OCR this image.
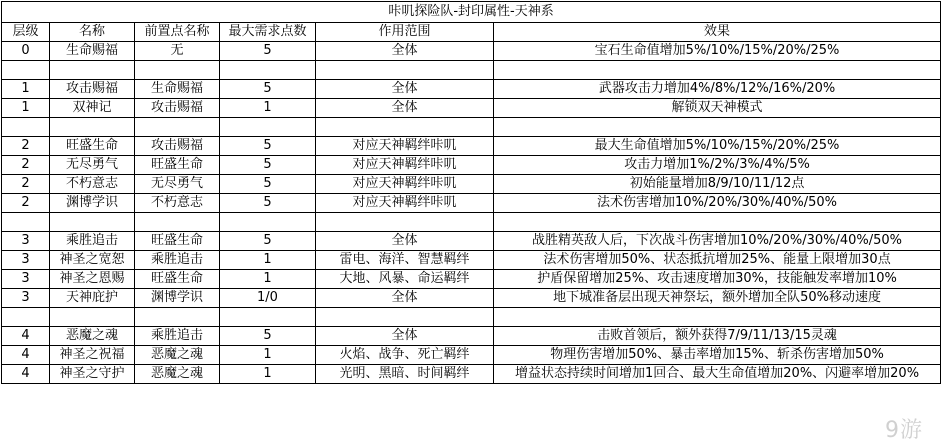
咔叽探险队-封印属性-天神系					
层级	名称	前置点名称	最大需求点数	作用范围	效果
0	生命赐福	无	5	全体	宝石生命值增加5%/10%/15%/20%/25%

1	攻击赐福	生命赐福	5	全体	武器攻击力增加4%/8%/12%/16%/20%
1	双神记	攻击赐福	1	全体	解锁双天神模式

2	旺盛生命	攻击赐福	5	对应天神羁绊咔叽	最大生命值增加5%/10%/15%/20%/25%
2	无尽勇气	旺盛生命	5	对应天神羁绊咔叽	攻击力增加1%/2%/3%/4%/5%
2	不朽意志	无尽勇气	5	对应天神羁绊咔叽	初始能量增加8/9/10/11/12点
2	渊博学识	不朽意志	5	对应天神羁绊咔叽	法术伤害增加10%/20%/30%/40%/50%

3	乘胜追击	旺盛生命	5	全体	战胜精英敌人后，下次战斗伤害增加10%/20%/30%/40%/50%
3	神圣之宽恕	乘胜追击	1	雷电、海洋、智慧羁绊	法术伤害增加50%、状态抵抗增加25%、能量上限增加30点
3	神圣之恩赐	旺盛生命	1	大地、风暴、命运羁绊	护盾保留增加25%、攻击速度增加30%，技能触发率增加10%
3	天神庇护	渊博学识	1/0	全体	地下城准备层出现天神祭坛，额外增加全队50%移动速度

4	恶魔之魂	乘胜追击	5	全体	击败首领后，额外获得7/9/11/13/15灵魂
4	神圣之祝福	恶魔之魂	1	火焰、战争、死亡羁绊	物理伤害增加50%、暴击率增加15%、斩杀伤害增加50%
4	神圣之守护	恶魔之魂	1	光明、黑暗、时间羁绊	增益状态持续时间增加1回合、最大生命值增加20%、闪避率增加20%
9游
